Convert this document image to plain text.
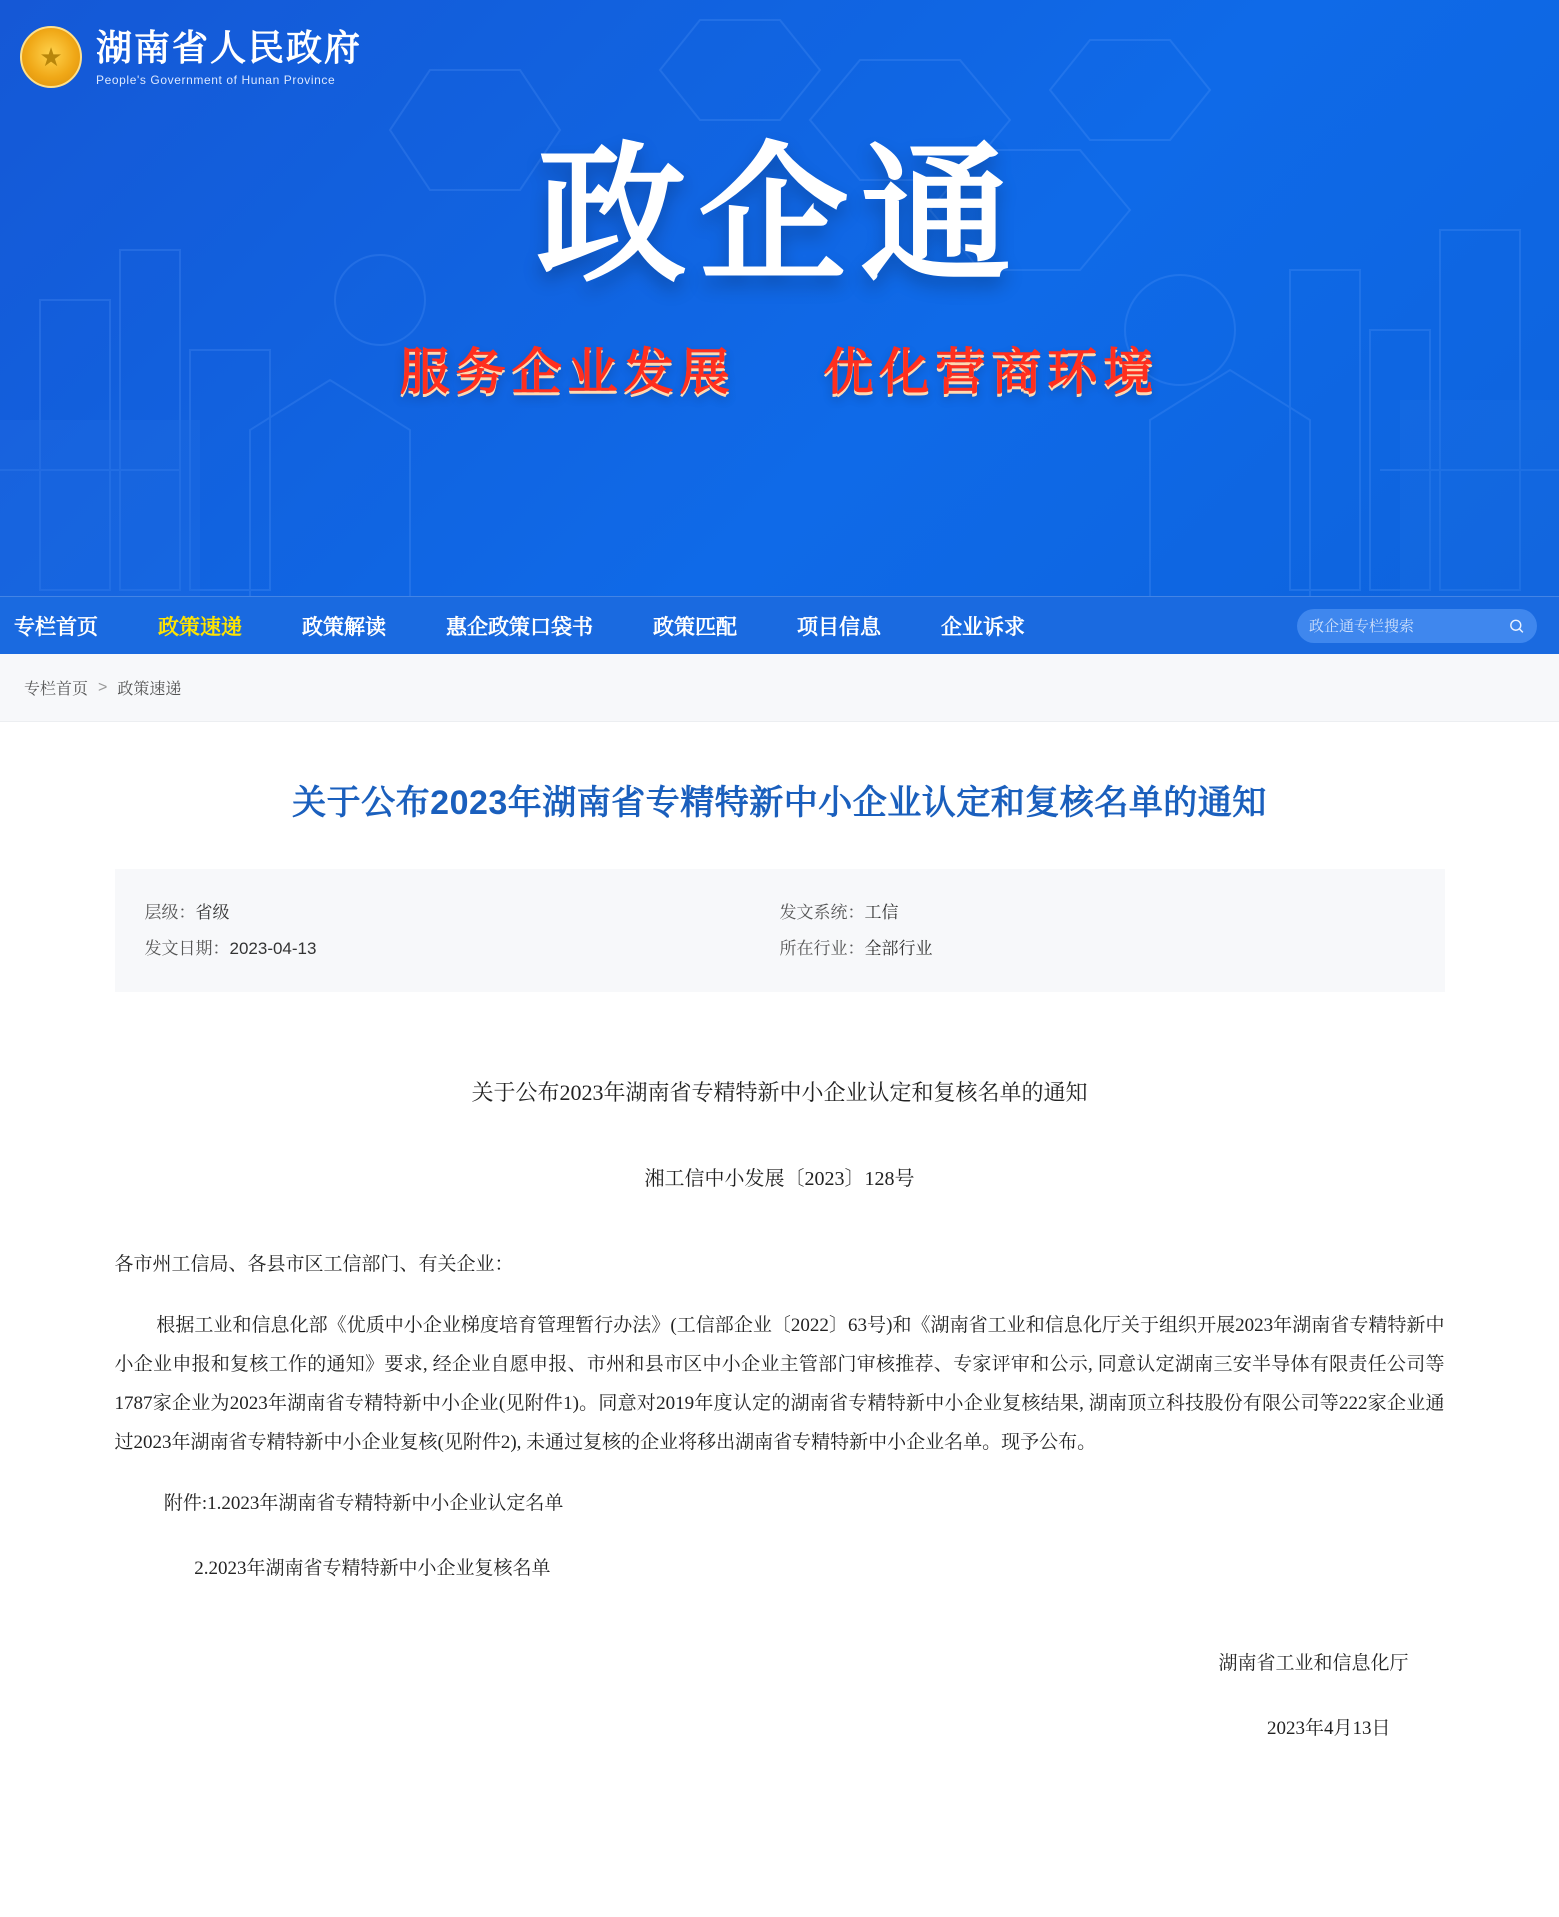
★ 湖南省人民政府
People's Government of Hunan Province
政企通
服务企业发展 优化营商环境
专栏首页	政策速递	政策解读	惠企政策口袋书	政策匹配	项目信息	企业诉求
政企通专栏搜索
专栏首页 > 政策速递
关于公布2023年湖南省专精特新中小企业认定和复核名单的通知
层级：省级
发文日期：2023-04-13
发文系统：工信
所在行业：全部行业
关于公布2023年湖南省专精特新中小企业认定和复核名单的通知
湘工信中小发展〔2023〕128号

各市州工信局、各县市区工信部门、有关企业：

根据工业和信息化部《优质中小企业梯度培育管理暂行办法》(工信部企业〔2022〕63号)和《湖南省工业和信息化厅关于组织开展2023年湖南省专精特新中小企业申报和复核工作的通知》要求, 经企业自愿申报、市州和县市区中小企业主管部门审核推荐、专家评审和公示, 同意认定湖南三安半导体有限责任公司等1787家企业为2023年湖南省专精特新中小企业(见附件1)。同意对2019年度认定的湖南省专精特新中小企业复核结果, 湖南顶立科技股份有限公司等222家企业通过2023年湖南省专精特新中小企业复核(见附件2), 未通过复核的企业将移出湖南省专精特新中小企业名单。现予公布。

附件:1.2023年湖南省专精特新中小企业认定名单

2.2023年湖南省专精特新中小企业复核名单

湖南省工业和信息化厅

2023年4月13日
